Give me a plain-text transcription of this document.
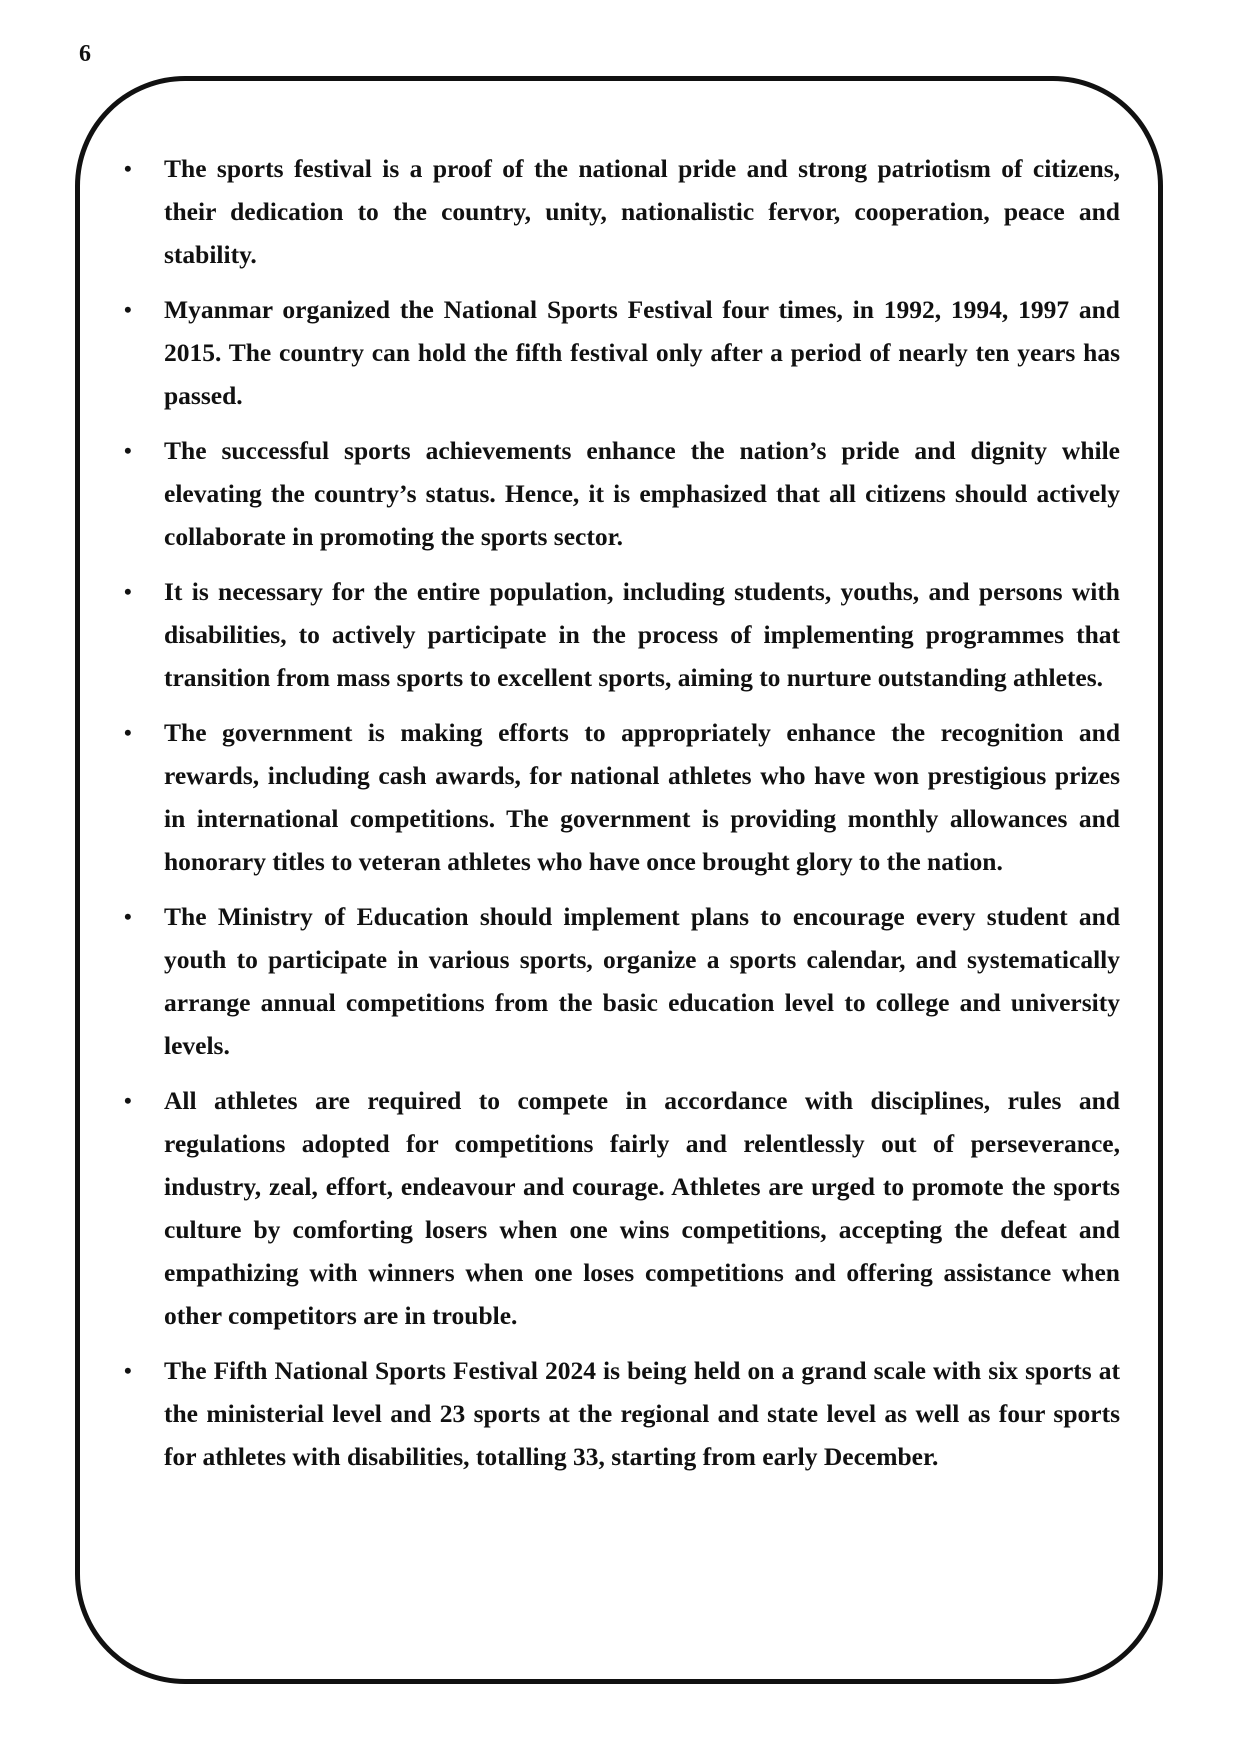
6
•	The sports festival is a proof of the national pride and strong patriotism of citizens, their dedication to the country, unity, nationalistic fervor, cooperation, peace and stability.
•	Myanmar organized the National Sports Festival four times, in 1992, 1994, 1997 and 2015. The country can hold the fifth festival only after a period of nearly ten years has passed.
•	The successful sports achievements enhance the nation’s pride and dignity while elevating the country’s status. Hence, it is emphasized that all citizens should actively collaborate in promoting the sports sector.
•	It is necessary for the entire population, including students, youths, and persons with disabilities, to actively participate in the process of implementing programmes that transition from mass sports to excellent sports, aiming to nurture outstanding athletes.
•	The government is making efforts to appropriately enhance the recognition and rewards, including cash awards, for national athletes who have won prestigious prizes in international competitions. The government is providing monthly allowances and honorary titles to veteran athletes who have once brought glory to the nation.
•	The Ministry of Education should implement plans to encourage every student and youth to participate in various sports, organize a sports calendar, and systematically arrange annual competitions from the basic education level to college and university levels.
•	All athletes are required to compete in accordance with disciplines, rules and regulations adopted for competitions fairly and relentlessly out of perseverance, industry, zeal, effort, endeavour and courage. Athletes are urged to promote the sports culture by comforting losers when one wins competitions, accepting the defeat and empathizing with winners when one loses competitions and offering assistance when other competitors are in trouble.
•	The Fifth National Sports Festival 2024 is being held on a grand scale with six sports at the ministerial level and 23 sports at the regional and state level as well as four sports for athletes with disabilities, totalling 33, starting from early December.
